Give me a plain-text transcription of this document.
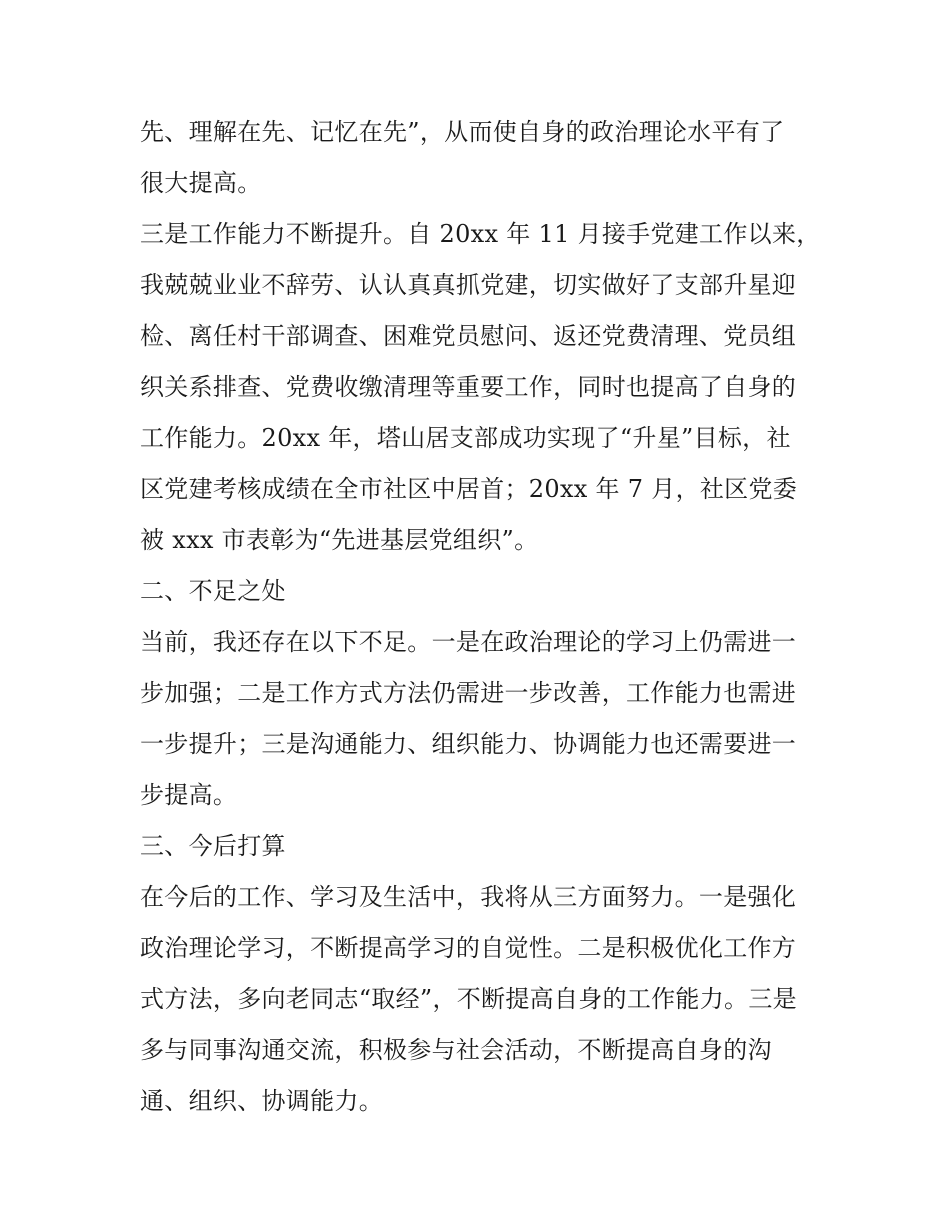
先、理解在先、记忆在先”，从而使自身的政治理论水平有了
很大提高。
三是工作能力不断提升。自 20xx 年 11 月接手党建工作以来，
我兢兢业业不辞劳、认认真真抓党建，切实做好了支部升星迎
检、离任村干部调查、困难党员慰问、返还党费清理、党员组
织关系排查、党费收缴清理等重要工作，同时也提高了自身的
工作能力。20xx 年，塔山居支部成功实现了“升星”目标，社
区党建考核成绩在全市社区中居首；20xx 年 7 月，社区党委
被 xxx 市表彰为“先进基层党组织”。
二、不足之处
当前，我还存在以下不足。一是在政治理论的学习上仍需进一
步加强；二是工作方式方法仍需进一步改善，工作能力也需进
一步提升；三是沟通能力、组织能力、协调能力也还需要进一
步提高。
三、今后打算
在今后的工作、学习及生活中，我将从三方面努力。一是强化
政治理论学习，不断提高学习的自觉性。二是积极优化工作方
式方法，多向老同志“取经”，不断提高自身的工作能力。三是
多与同事沟通交流，积极参与社会活动，不断提高自身的沟
通、组织、协调能力。
